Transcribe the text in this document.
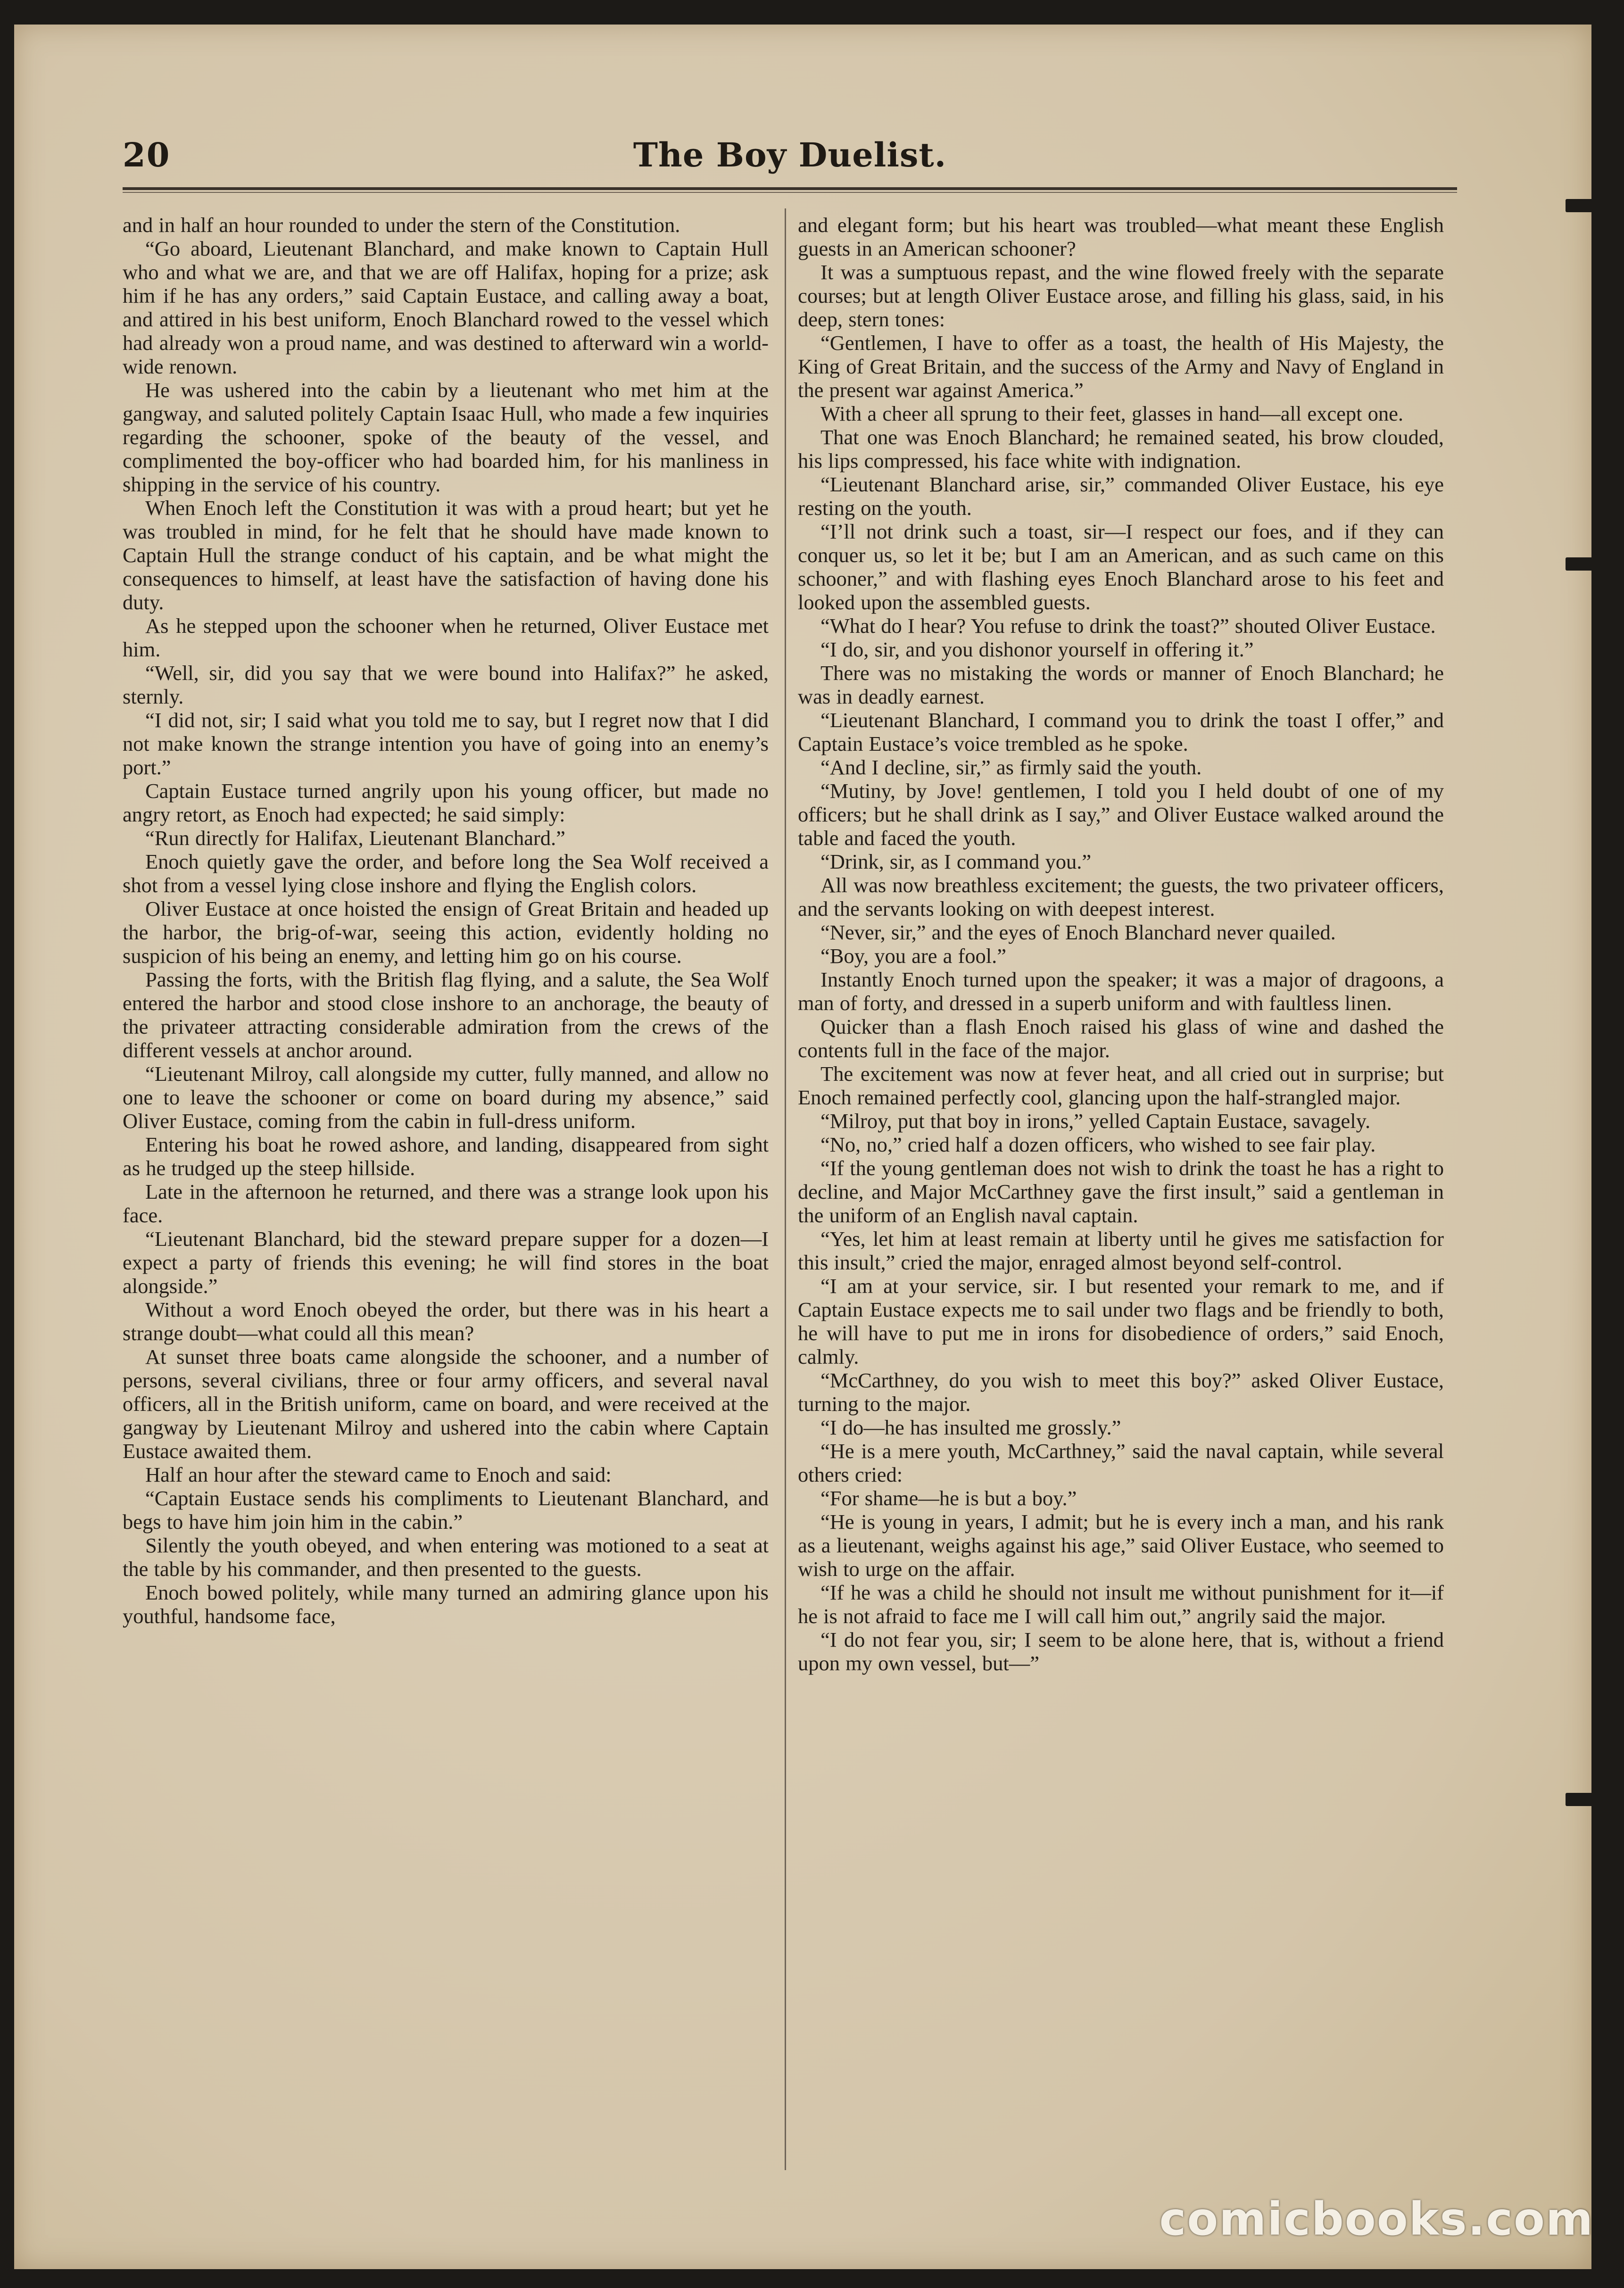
20	The Boy Duelist.

and in half an hour rounded to under the stern of the Constitution.

“Go aboard, Lieutenant Blanchard, and make known to Captain Hull who and what we are, and that we are off Halifax, hoping for a prize; ask him if he has any orders,” said Captain Eustace, and calling away a boat, and attired in his best uniform, Enoch Blanchard rowed to the vessel which had already won a proud name, and was destined to afterward win a world-wide renown.

He was ushered into the cabin by a lieutenant who met him at the gangway, and saluted politely Captain Isaac Hull, who made a few inquiries regarding the schooner, spoke of the beauty of the vessel, and complimented the boy-officer who had boarded him, for his manliness in shipping in the service of his country.

When Enoch left the Constitution it was with a proud heart; but yet he was troubled in mind, for he felt that he should have made known to Captain Hull the strange conduct of his captain, and be what might the consequences to himself, at least have the satisfaction of having done his duty.

As he stepped upon the schooner when he returned, Oliver Eustace met him.

“Well, sir, did you say that we were bound into Halifax?” he asked, sternly.

“I did not, sir; I said what you told me to say, but I regret now that I did not make known the strange intention you have of going into an enemy’s port.”

Captain Eustace turned angrily upon his young officer, but made no angry retort, as Enoch had expected; he said simply:

“Run directly for Halifax, Lieutenant Blanchard.”

Enoch quietly gave the order, and before long the Sea Wolf received a shot from a vessel lying close inshore and flying the English colors.

Oliver Eustace at once hoisted the ensign of Great Britain and headed up the harbor, the brig-of-war, seeing this action, evidently holding no suspicion of his being an enemy, and letting him go on his course.

Passing the forts, with the British flag flying, and a salute, the Sea Wolf entered the harbor and stood close inshore to an anchorage, the beauty of the privateer attracting considerable admiration from the crews of the different vessels at anchor around.

“Lieutenant Milroy, call alongside my cutter, fully manned, and allow no one to leave the schooner or come on board during my absence,” said Oliver Eustace, coming from the cabin in full-dress uniform.

Entering his boat he rowed ashore, and landing, disappeared from sight as he trudged up the steep hillside.

Late in the afternoon he returned, and there was a strange look upon his face.

“Lieutenant Blanchard, bid the steward prepare supper for a dozen—I expect a party of friends this evening; he will find stores in the boat alongside.”

Without a word Enoch obeyed the order, but there was in his heart a strange doubt—what could all this mean?

At sunset three boats came alongside the schooner, and a number of persons, several civilians, three or four army officers, and several naval officers, all in the British uniform, came on board, and were received at the gangway by Lieutenant Milroy and ushered into the cabin where Captain Eustace awaited them.

Half an hour after the steward came to Enoch and said:

“Captain Eustace sends his compliments to Lieutenant Blanchard, and begs to have him join him in the cabin.”

Silently the youth obeyed, and when entering was motioned to a seat at the table by his commander, and then presented to the guests.

Enoch bowed politely, while many turned an admiring glance upon his youthful, handsome face,

and elegant form; but his heart was troubled—what meant these English guests in an American schooner?

It was a sumptuous repast, and the wine flowed freely with the separate courses; but at length Oliver Eustace arose, and filling his glass, said, in his deep, stern tones:

“Gentlemen, I have to offer as a toast, the health of His Majesty, the King of Great Britain, and the success of the Army and Navy of England in the present war against America.”

With a cheer all sprung to their feet, glasses in hand—all except one.

That one was Enoch Blanchard; he remained seated, his brow clouded, his lips compressed, his face white with indignation.

“Lieutenant Blanchard arise, sir,” commanded Oliver Eustace, his eye resting on the youth.

“I’ll not drink such a toast, sir—I respect our foes, and if they can conquer us, so let it be; but I am an American, and as such came on this schooner,” and with flashing eyes Enoch Blanchard arose to his feet and looked upon the assembled guests.

“What do I hear? You refuse to drink the toast?” shouted Oliver Eustace.

“I do, sir, and you dishonor yourself in offering it.”

There was no mistaking the words or manner of Enoch Blanchard; he was in deadly earnest.

“Lieutenant Blanchard, I command you to drink the toast I offer,” and Captain Eustace’s voice trembled as he spoke.

“And I decline, sir,” as firmly said the youth.

“Mutiny, by Jove! gentlemen, I told you I held doubt of one of my officers; but he shall drink as I say,” and Oliver Eustace walked around the table and faced the youth.

“Drink, sir, as I command you.”

All was now breathless excitement; the guests, the two privateer officers, and the servants looking on with deepest interest.

“Never, sir,” and the eyes of Enoch Blanchard never quailed.

“Boy, you are a fool.”

Instantly Enoch turned upon the speaker; it was a major of dragoons, a man of forty, and dressed in a superb uniform and with faultless linen.

Quicker than a flash Enoch raised his glass of wine and dashed the contents full in the face of the major.

The excitement was now at fever heat, and all cried out in surprise; but Enoch remained perfectly cool, glancing upon the half-strangled major.

“Milroy, put that boy in irons,” yelled Captain Eustace, savagely.

“No, no,” cried half a dozen officers, who wished to see fair play.

“If the young gentleman does not wish to drink the toast he has a right to decline, and Major McCarthney gave the first insult,” said a gentleman in the uniform of an English naval captain.

“Yes, let him at least remain at liberty until he gives me satisfaction for this insult,” cried the major, enraged almost beyond self-control.

“I am at your service, sir. I but resented your remark to me, and if Captain Eustace expects me to sail under two flags and be friendly to both, he will have to put me in irons for disobedience of orders,” said Enoch, calmly.

“McCarthney, do you wish to meet this boy?” asked Oliver Eustace, turning to the major.

“I do—he has insulted me grossly.”

“He is a mere youth, McCarthney,” said the naval captain, while several others cried:

“For shame—he is but a boy.”

“He is young in years, I admit; but he is every inch a man, and his rank as a lieutenant, weighs against his age,” said Oliver Eustace, who seemed to wish to urge on the affair.

“If he was a child he should not insult me without punishment for it—if he is not afraid to face me I will call him out,” angrily said the major.

“I do not fear you, sir; I seem to be alone here, that is, without a friend upon my own vessel, but—”

comicbooks.com
